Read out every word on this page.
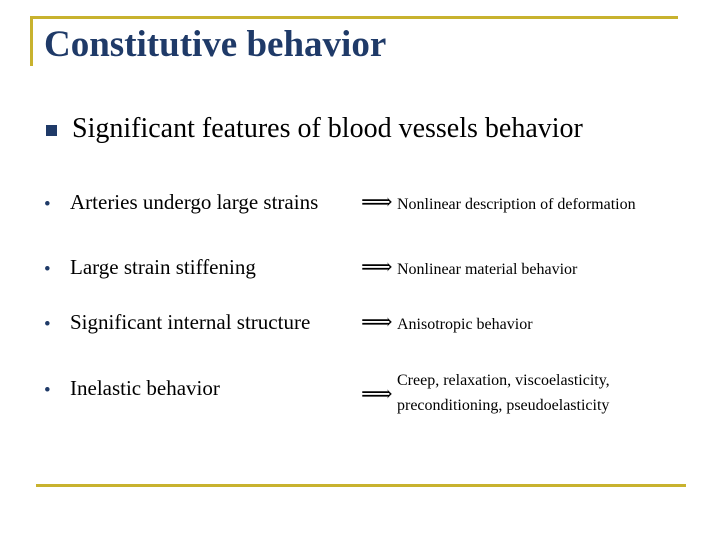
Constitutive behavior
Significant features of blood vessels behavior
• Arteries undergo large strains ⟹ Nonlinear description of deformation
• Large strain stiffening	⟹ Nonlinear material behavior
• Significant internal structure ⟹ Anisotropic behavior
• Inelastic behavior	⟹
Creep, relaxation, viscoelasticity,
preconditioning, pseudoelasticity
